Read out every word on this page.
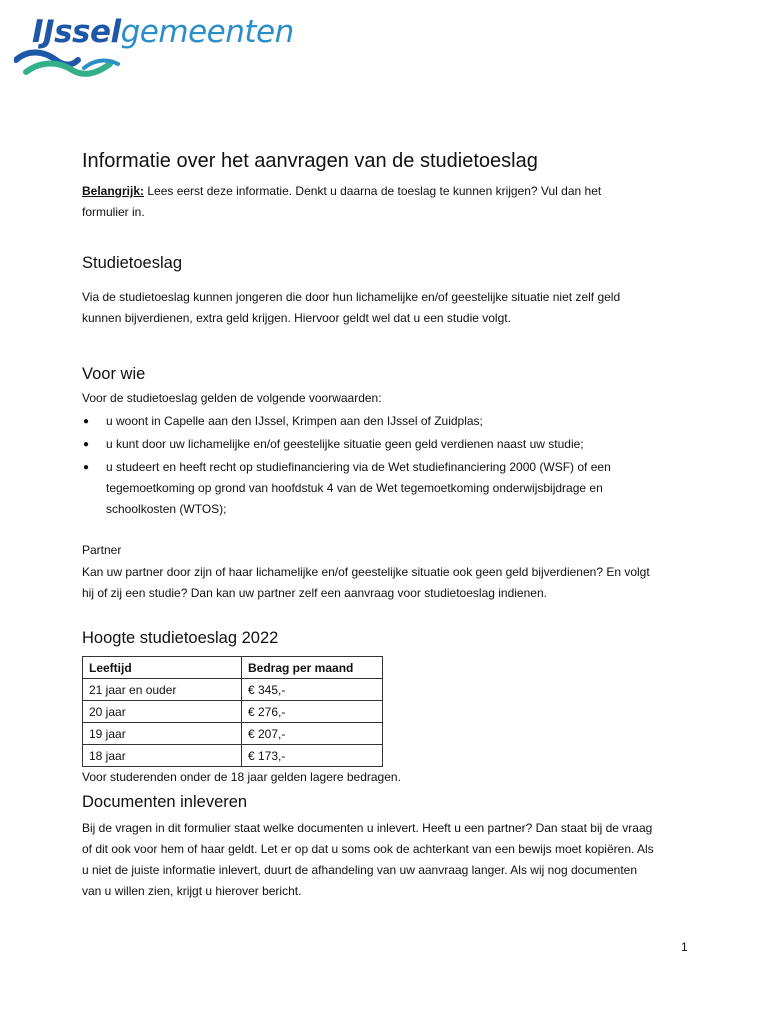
IJsselgemeenten
Informatie over het aanvragen van de studietoeslag
Belangrijk: Lees eerst deze informatie. Denkt u daarna de toeslag te kunnen krijgen? Vul dan het
formulier in.
Studietoeslag
Via de studietoeslag kunnen jongeren die door hun lichamelijke en/of geestelijke situatie niet zelf geld
kunnen bijverdienen, extra geld krijgen. Hiervoor geldt wel dat u een studie volgt.
Voor wie
Voor de studietoeslag gelden de volgende voorwaarden:
● u woont in Capelle aan den IJssel, Krimpen aan den IJssel of Zuidplas;
● u kunt door uw lichamelijke en/of geestelijke situatie geen geld verdienen naast uw studie;
● u studeert en heeft recht op studiefinanciering via de Wet studiefinanciering 2000 (WSF) of een
tegemoetkoming op grond van hoofdstuk 4 van de Wet tegemoetkoming onderwijsbijdrage en
schoolkosten (WTOS);
Partner
Kan uw partner door zijn of haar lichamelijke en/of geestelijke situatie ook geen geld bijverdienen? En volgt
hij of zij een studie? Dan kan uw partner zelf een aanvraag voor studietoeslag indienen.
Hoogte studietoeslag 2022
Leeftijd	Bedrag per maand
21 jaar en ouder	€ 345,-
20 jaar	€ 276,-
19 jaar	€ 207,-
18 jaar	€ 173,-
Voor studerenden onder de 18 jaar gelden lagere bedragen.
Documenten inleveren
Bij de vragen in dit formulier staat welke documenten u inlevert. Heeft u een partner? Dan staat bij de vraag
of dit ook voor hem of haar geldt. Let er op dat u soms ook de achterkant van een bewijs moet kopiëren. Als
u niet de juiste informatie inlevert, duurt de afhandeling van uw aanvraag langer. Als wij nog documenten
van u willen zien, krijgt u hierover bericht.
1
